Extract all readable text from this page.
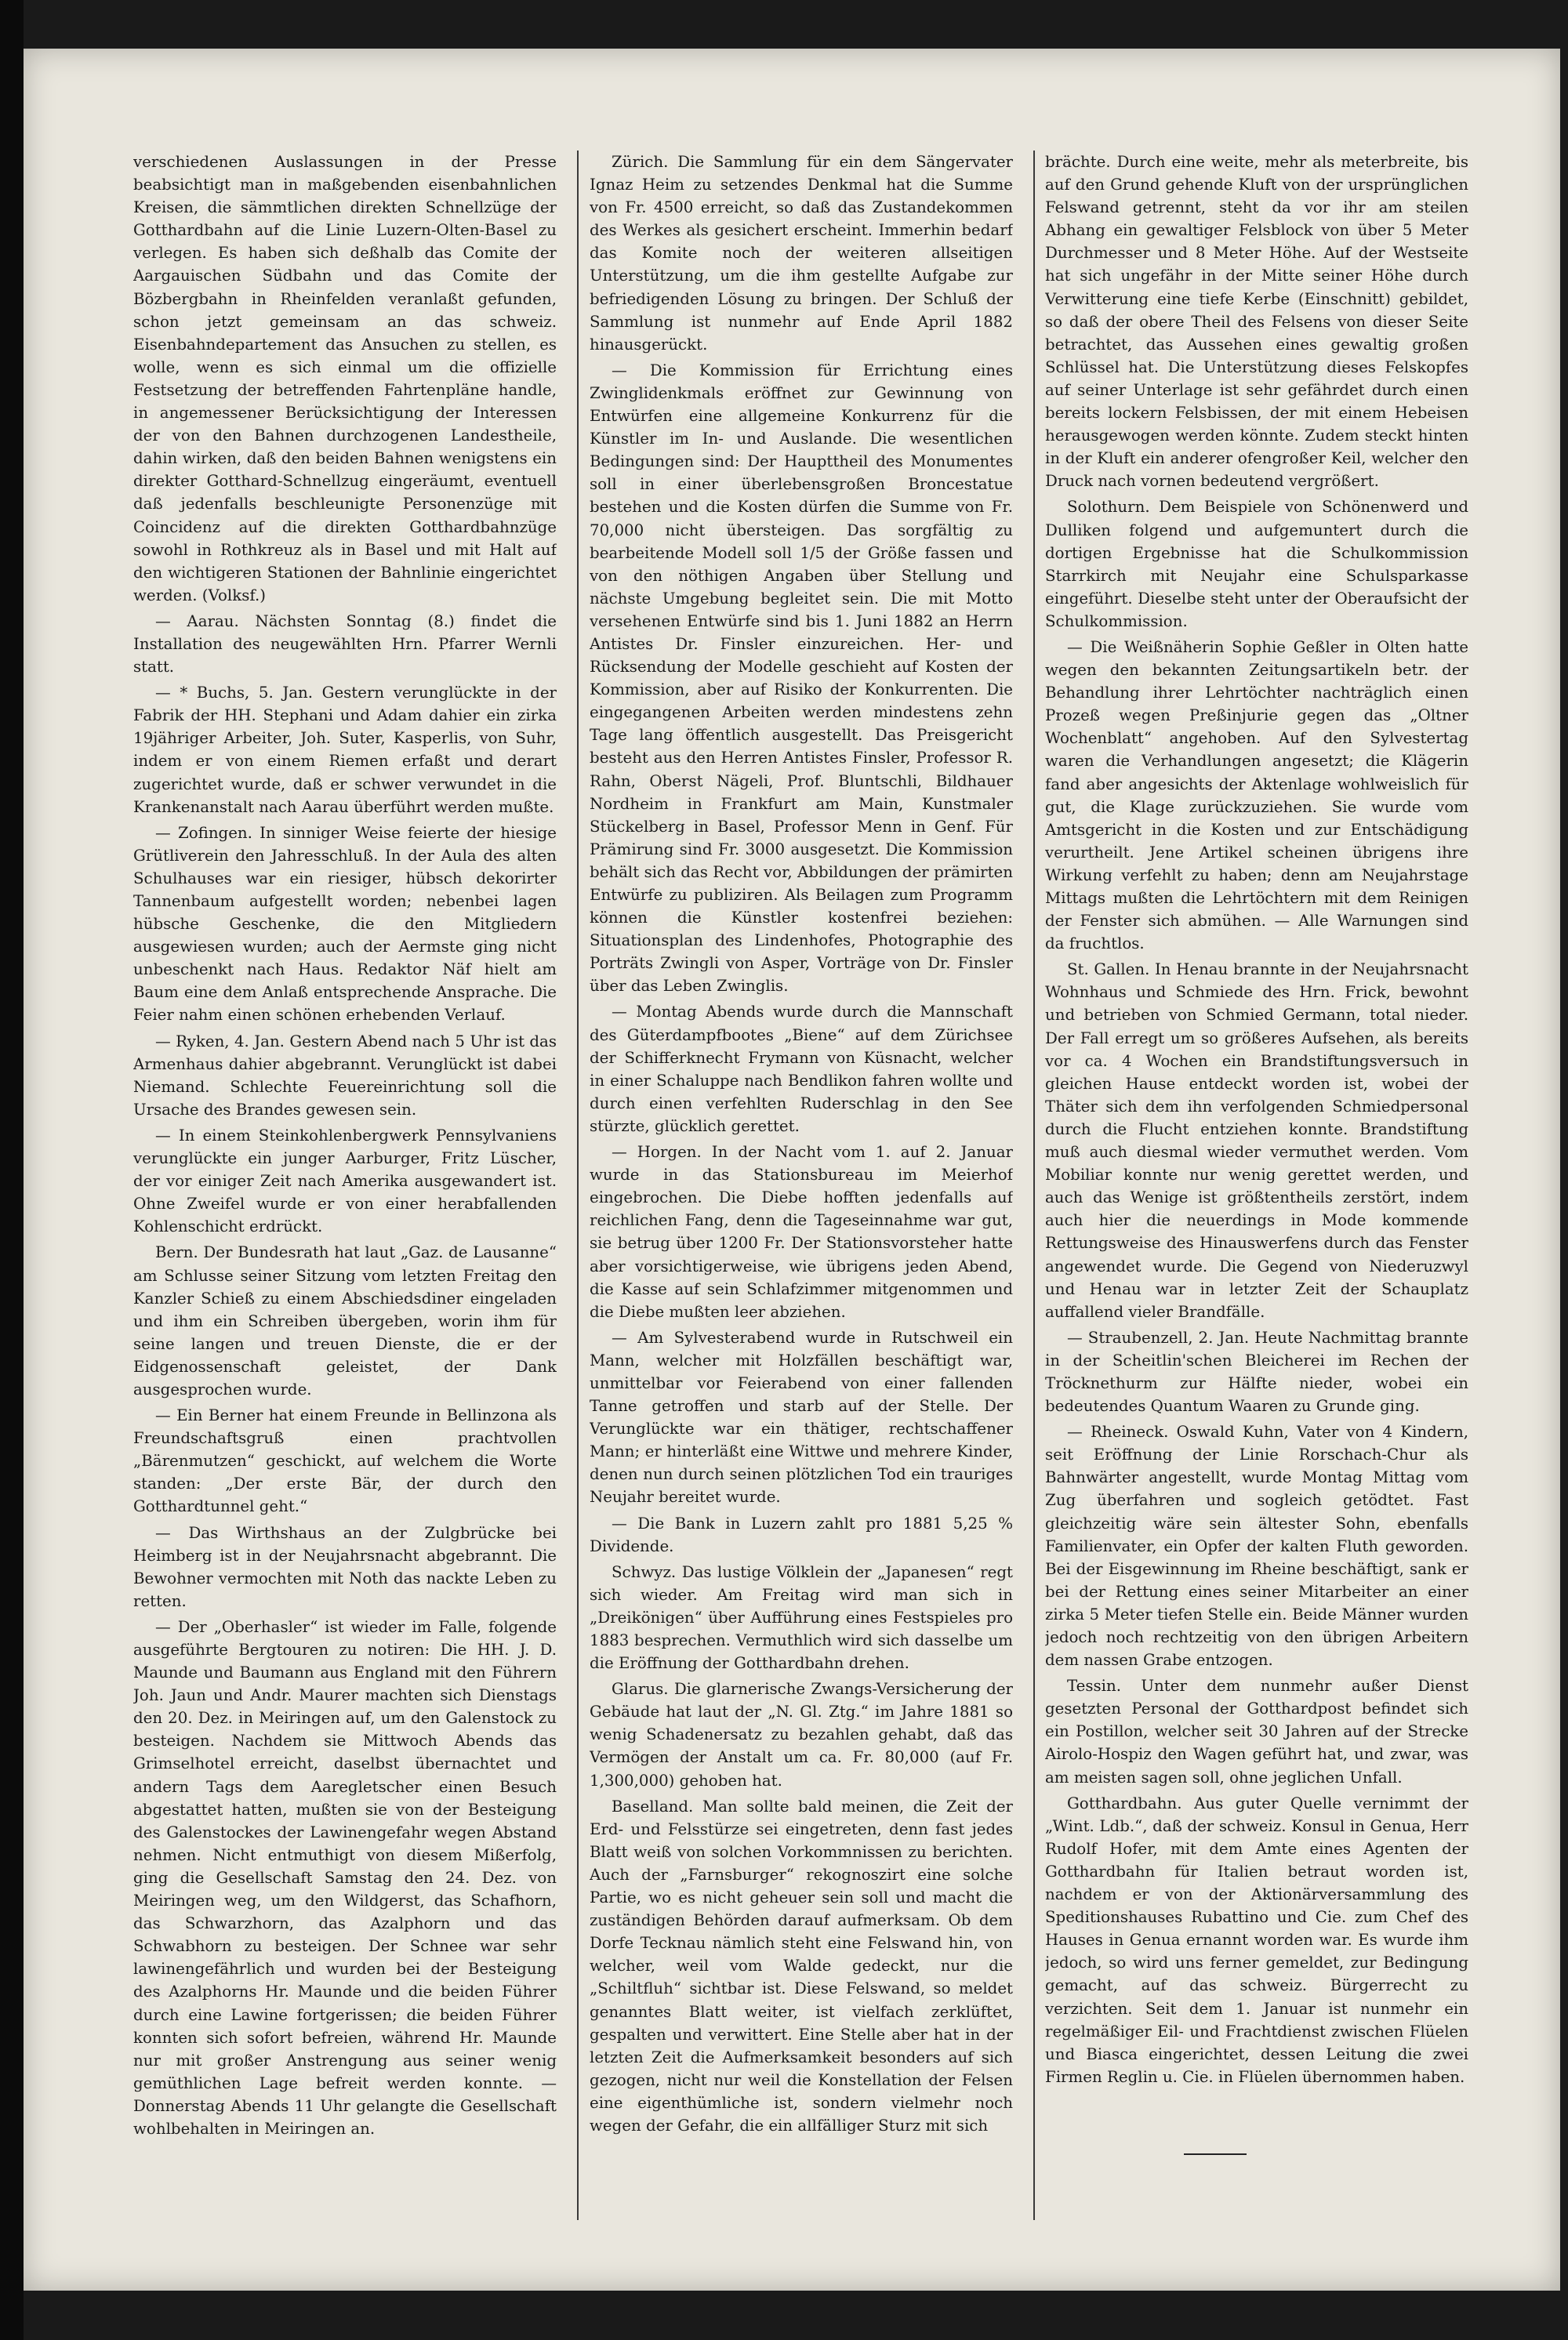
verschiedenen Auslassungen in der Presse beabsichtigt man in maßgebenden eisenbahnlichen Kreisen, die sämmtlichen direkten Schnellzüge der Gotthardbahn auf die Linie Luzern-Olten-Basel zu verlegen. Es haben sich deßhalb das Comite der Aargauischen Südbahn und das Comite der Bözbergbahn in Rheinfelden veranlaßt gefunden, schon jetzt gemeinsam an das schweiz. Eisenbahndepartement das Ansuchen zu stellen, es wolle, wenn es sich einmal um die offizielle Festsetzung der betreffenden Fahrtenpläne handle, in angemessener Berücksichtigung der Interessen der von den Bahnen durchzogenen Landestheile, dahin wirken, daß den beiden Bahnen wenigstens ein direkter Gotthard-Schnellzug eingeräumt, eventuell daß jedenfalls beschleunigte Personenzüge mit Coincidenz auf die direkten Gotthardbahnzüge sowohl in Rothkreuz als in Basel und mit Halt auf den wichtigeren Stationen der Bahnlinie eingerichtet werden. (Volksf.)

— Aarau. Nächsten Sonntag (8.) findet die Installation des neugewählten Hrn. Pfarrer Wernli statt.

— * Buchs, 5. Jan. Gestern verunglückte in der Fabrik der HH. Stephani und Adam dahier ein zirka 19jähriger Arbeiter, Joh. Suter, Kasperlis, von Suhr, indem er von einem Riemen erfaßt und derart zugerichtet wurde, daß er schwer verwundet in die Krankenanstalt nach Aarau überführt werden mußte.

— Zofingen. In sinniger Weise feierte der hiesige Grütliverein den Jahresschluß. In der Aula des alten Schulhauses war ein riesiger, hübsch dekorirter Tannenbaum aufgestellt worden; nebenbei lagen hübsche Geschenke, die den Mitgliedern ausgewiesen wurden; auch der Aermste ging nicht unbeschenkt nach Haus. Redaktor Näf hielt am Baum eine dem Anlaß entsprechende Ansprache. Die Feier nahm einen schönen erhebenden Verlauf.

— Ryken, 4. Jan. Gestern Abend nach 5 Uhr ist das Armenhaus dahier abgebrannt. Verunglückt ist dabei Niemand. Schlechte Feuereinrichtung soll die Ursache des Brandes gewesen sein.

— In einem Steinkohlenbergwerk Pennsylvaniens verunglückte ein junger Aarburger, Fritz Lüscher, der vor einiger Zeit nach Amerika ausgewandert ist. Ohne Zweifel wurde er von einer herabfallenden Kohlenschicht erdrückt.

Bern. Der Bundesrath hat laut „Gaz. de Lausanne“ am Schlusse seiner Sitzung vom letzten Freitag den Kanzler Schieß zu einem Abschiedsdiner eingeladen und ihm ein Schreiben übergeben, worin ihm für seine langen und treuen Dienste, die er der Eidgenossenschaft geleistet, der Dank ausgesprochen wurde.

— Ein Berner hat einem Freunde in Bellinzona als Freundschaftsgruß einen prachtvollen „Bärenmutzen“ geschickt, auf welchem die Worte standen: „Der erste Bär, der durch den Gotthardtunnel geht.“

— Das Wirthshaus an der Zulgbrücke bei Heimberg ist in der Neujahrsnacht abgebrannt. Die Bewohner vermochten mit Noth das nackte Leben zu retten.

— Der „Oberhasler“ ist wieder im Falle, folgende ausgeführte Bergtouren zu notiren: Die HH. J. D. Maunde und Baumann aus England mit den Führern Joh. Jaun und Andr. Maurer machten sich Dienstags den 20. Dez. in Meiringen auf, um den Galenstock zu besteigen. Nachdem sie Mittwoch Abends das Grimselhotel erreicht, daselbst übernachtet und andern Tags dem Aaregletscher einen Besuch abgestattet hatten, mußten sie von der Besteigung des Galenstockes der Lawinengefahr wegen Abstand nehmen. Nicht entmuthigt von diesem Mißerfolg, ging die Gesellschaft Samstag den 24. Dez. von Meiringen weg, um den Wildgerst, das Schafhorn, das Schwarzhorn, das Azalphorn und das Schwabhorn zu besteigen. Der Schnee war sehr lawinengefährlich und wurden bei der Besteigung des Azalphorns Hr. Maunde und die beiden Führer durch eine Lawine fortgerissen; die beiden Führer konnten sich sofort befreien, während Hr. Maunde nur mit großer Anstrengung aus seiner wenig gemüthlichen Lage befreit werden konnte. — Donnerstag Abends 11 Uhr gelangte die Gesellschaft wohlbehalten in Meiringen an.

Zürich. Die Sammlung für ein dem Sängervater Ignaz Heim zu setzendes Denkmal hat die Summe von Fr. 4500 erreicht, so daß das Zustandekommen des Werkes als gesichert erscheint. Immerhin bedarf das Komite noch der weiteren allseitigen Unterstützung, um die ihm gestellte Aufgabe zur befriedigenden Lösung zu bringen. Der Schluß der Sammlung ist nunmehr auf Ende April 1882 hinausgerückt.

— Die Kommission für Errichtung eines Zwinglidenkmals eröffnet zur Gewinnung von Entwürfen eine allgemeine Konkurrenz für die Künstler im In- und Auslande. Die wesentlichen Bedingungen sind: Der Haupttheil des Monumentes soll in einer überlebensgroßen Broncestatue bestehen und die Kosten dürfen die Summe von Fr. 70,000 nicht übersteigen. Das sorgfältig zu bearbeitende Modell soll 1/5 der Größe fassen und von den nöthigen Angaben über Stellung und nächste Umgebung begleitet sein. Die mit Motto versehenen Entwürfe sind bis 1. Juni 1882 an Herrn Antistes Dr. Finsler einzureichen. Her- und Rücksendung der Modelle geschieht auf Kosten der Kommission, aber auf Risiko der Konkurrenten. Die eingegangenen Arbeiten werden mindestens zehn Tage lang öffentlich ausgestellt. Das Preisgericht besteht aus den Herren Antistes Finsler, Professor R. Rahn, Oberst Nägeli, Prof. Bluntschli, Bildhauer Nordheim in Frankfurt am Main, Kunstmaler Stückelberg in Basel, Professor Menn in Genf. Für Prämirung sind Fr. 3000 ausgesetzt. Die Kommission behält sich das Recht vor, Abbildungen der prämirten Entwürfe zu publiziren. Als Beilagen zum Programm können die Künstler kostenfrei beziehen: Situationsplan des Lindenhofes, Photographie des Porträts Zwingli von Asper, Vorträge von Dr. Finsler über das Leben Zwinglis.

— Montag Abends wurde durch die Mannschaft des Güterdampfbootes „Biene“ auf dem Zürichsee der Schifferknecht Frymann von Küsnacht, welcher in einer Schaluppe nach Bendlikon fahren wollte und durch einen verfehlten Ruderschlag in den See stürzte, glücklich gerettet.

— Horgen. In der Nacht vom 1. auf 2. Januar wurde in das Stationsbureau im Meierhof eingebrochen. Die Diebe hofften jedenfalls auf reichlichen Fang, denn die Tageseinnahme war gut, sie betrug über 1200 Fr. Der Stationsvorsteher hatte aber vorsichtigerweise, wie übrigens jeden Abend, die Kasse auf sein Schlafzimmer mitgenommen und die Diebe mußten leer abziehen.

— Am Sylvesterabend wurde in Rutschweil ein Mann, welcher mit Holzfällen beschäftigt war, unmittelbar vor Feierabend von einer fallenden Tanne getroffen und starb auf der Stelle. Der Verunglückte war ein thätiger, rechtschaffener Mann; er hinterläßt eine Wittwe und mehrere Kinder, denen nun durch seinen plötzlichen Tod ein trauriges Neujahr bereitet wurde.

— Die Bank in Luzern zahlt pro 1881 5,25 % Dividende.

Schwyz. Das lustige Völklein der „Japanesen“ regt sich wieder. Am Freitag wird man sich in „Dreikönigen“ über Aufführung eines Festspieles pro 1883 besprechen. Vermuthlich wird sich dasselbe um die Eröffnung der Gotthardbahn drehen.

Glarus. Die glarnerische Zwangs-Versicherung der Gebäude hat laut der „N. Gl. Ztg.“ im Jahre 1881 so wenig Schadenersatz zu bezahlen gehabt, daß das Vermögen der Anstalt um ca. Fr. 80,000 (auf Fr. 1,300,000) gehoben hat.

Baselland. Man sollte bald meinen, die Zeit der Erd- und Felsstürze sei eingetreten, denn fast jedes Blatt weiß von solchen Vorkommnissen zu berichten. Auch der „Farnsburger“ rekognoszirt eine solche Partie, wo es nicht geheuer sein soll und macht die zuständigen Behörden darauf aufmerksam. Ob dem Dorfe Tecknau nämlich steht eine Felswand hin, von welcher, weil vom Walde gedeckt, nur die „Schiltfluh“ sichtbar ist. Diese Felswand, so meldet genanntes Blatt weiter, ist vielfach zerklüftet, gespalten und verwittert. Eine Stelle aber hat in der letzten Zeit die Aufmerksamkeit besonders auf sich gezogen, nicht nur weil die Konstellation der Felsen eine eigenthümliche ist, sondern vielmehr noch wegen der Gefahr, die ein allfälliger Sturz mit sich

brächte. Durch eine weite, mehr als meterbreite, bis auf den Grund gehende Kluft von der ursprünglichen Felswand getrennt, steht da vor ihr am steilen Abhang ein gewaltiger Felsblock von über 5 Meter Durchmesser und 8 Meter Höhe. Auf der Westseite hat sich ungefähr in der Mitte seiner Höhe durch Verwitterung eine tiefe Kerbe (Einschnitt) gebildet, so daß der obere Theil des Felsens von dieser Seite betrachtet, das Aussehen eines gewaltig großen Schlüssel hat. Die Unterstützung dieses Felskopfes auf seiner Unterlage ist sehr gefährdet durch einen bereits lockern Felsbissen, der mit einem Hebeisen herausgewogen werden könnte. Zudem steckt hinten in der Kluft ein anderer ofengroßer Keil, welcher den Druck nach vornen bedeutend vergrößert.

Solothurn. Dem Beispiele von Schönenwerd und Dulliken folgend und aufgemuntert durch die dortigen Ergebnisse hat die Schulkommission Starrkirch mit Neujahr eine Schulsparkasse eingeführt. Dieselbe steht unter der Oberaufsicht der Schulkommission.

— Die Weißnäherin Sophie Geßler in Olten hatte wegen den bekannten Zeitungsartikeln betr. der Behandlung ihrer Lehrtöchter nachträglich einen Prozeß wegen Preßinjurie gegen das „Oltner Wochenblatt“ angehoben. Auf den Sylvestertag waren die Verhandlungen angesetzt; die Klägerin fand aber angesichts der Aktenlage wohlweislich für gut, die Klage zurückzuziehen. Sie wurde vom Amtsgericht in die Kosten und zur Entschädigung verurtheilt. Jene Artikel scheinen übrigens ihre Wirkung verfehlt zu haben; denn am Neujahrstage Mittags mußten die Lehrtöchtern mit dem Reinigen der Fenster sich abmühen. — Alle Warnungen sind da fruchtlos.

St. Gallen. In Henau brannte in der Neujahrsnacht Wohnhaus und Schmiede des Hrn. Frick, bewohnt und betrieben von Schmied Germann, total nieder. Der Fall erregt um so größeres Aufsehen, als bereits vor ca. 4 Wochen ein Brandstiftungsversuch in gleichen Hause entdeckt worden ist, wobei der Thäter sich dem ihn verfolgenden Schmiedpersonal durch die Flucht entziehen konnte. Brandstiftung muß auch diesmal wieder vermuthet werden. Vom Mobiliar konnte nur wenig gerettet werden, und auch das Wenige ist größtentheils zerstört, indem auch hier die neuerdings in Mode kommende Rettungsweise des Hinauswerfens durch das Fenster angewendet wurde. Die Gegend von Niederuzwyl und Henau war in letzter Zeit der Schauplatz auffallend vieler Brandfälle.

— Straubenzell, 2. Jan. Heute Nachmittag brannte in der Scheitlin'schen Bleicherei im Rechen der Tröcknethurm zur Hälfte nieder, wobei ein bedeutendes Quantum Waaren zu Grunde ging.

— Rheineck. Oswald Kuhn, Vater von 4 Kindern, seit Eröffnung der Linie Rorschach-Chur als Bahnwärter angestellt, wurde Montag Mittag vom Zug überfahren und sogleich getödtet. Fast gleichzeitig wäre sein ältester Sohn, ebenfalls Familienvater, ein Opfer der kalten Fluth geworden. Bei der Eisgewinnung im Rheine beschäftigt, sank er bei der Rettung eines seiner Mitarbeiter an einer zirka 5 Meter tiefen Stelle ein. Beide Männer wurden jedoch noch rechtzeitig von den übrigen Arbeitern dem nassen Grabe entzogen.

Tessin. Unter dem nunmehr außer Dienst gesetzten Personal der Gotthardpost befindet sich ein Postillon, welcher seit 30 Jahren auf der Strecke Airolo-Hospiz den Wagen geführt hat, und zwar, was am meisten sagen soll, ohne jeglichen Unfall.

Gotthardbahn. Aus guter Quelle vernimmt der „Wint. Ldb.“, daß der schweiz. Konsul in Genua, Herr Rudolf Hofer, mit dem Amte eines Agenten der Gotthardbahn für Italien betraut worden ist, nachdem er von der Aktionärversammlung des Speditionshauses Rubattino und Cie. zum Chef des Hauses in Genua ernannt worden war. Es wurde ihm jedoch, so wird uns ferner gemeldet, zur Bedingung gemacht, auf das schweiz. Bürgerrecht zu verzichten. Seit dem 1. Januar ist nunmehr ein regelmäßiger Eil- und Frachtdienst zwischen Flüelen und Biasca eingerichtet, dessen Leitung die zwei Firmen Reglin u. Cie. in Flüelen übernommen haben.
